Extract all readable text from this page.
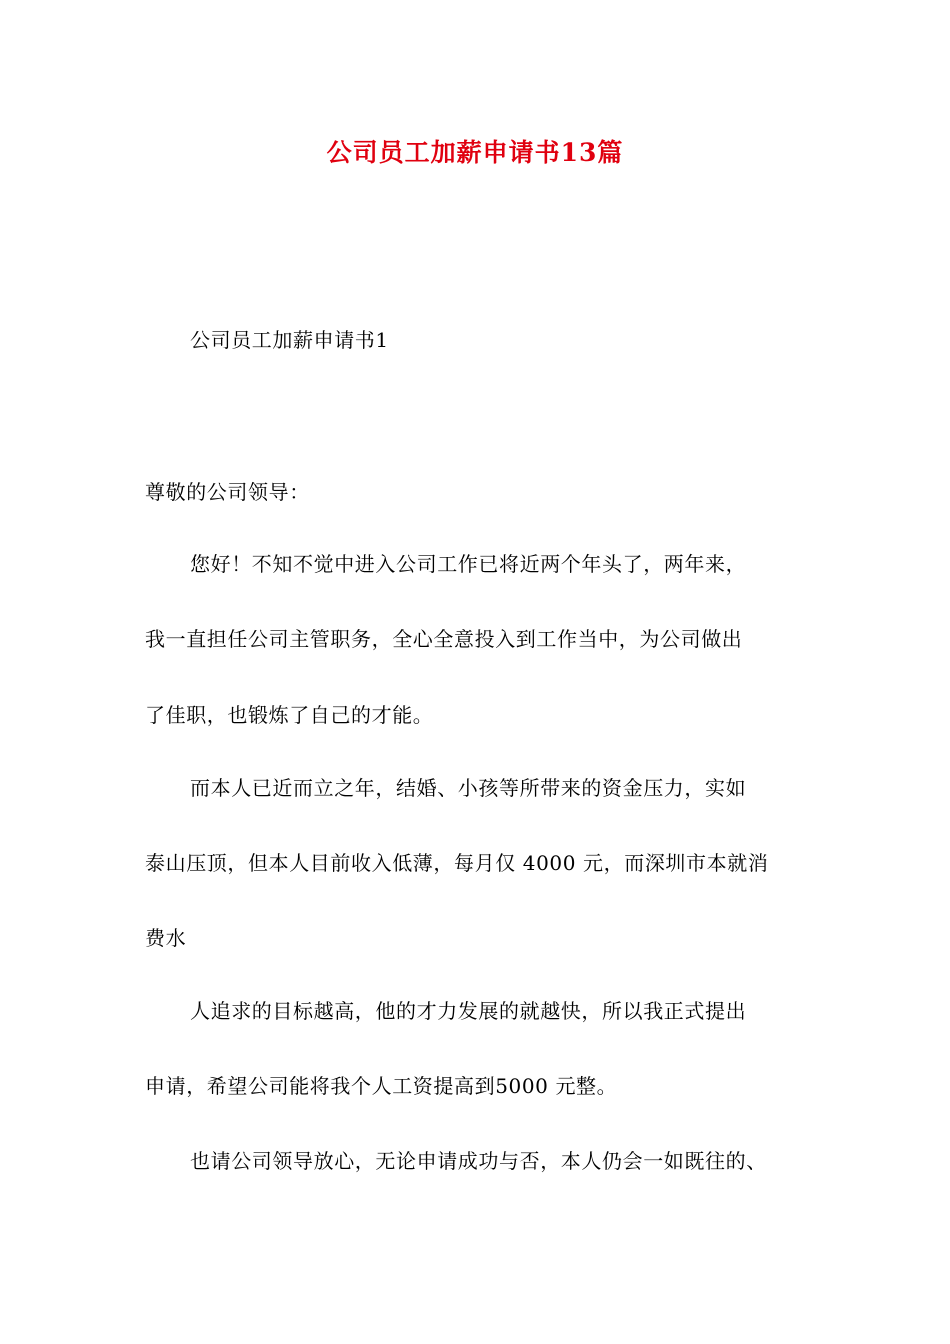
公司员工加薪申请书13篇
公司员工加薪申请书1
尊敬的公司领导：
您好！不知不觉中进入公司工作已将近两个年头了，两年来，
我一直担任公司主管职务，全心全意投入到工作当中，为公司做出
了佳职，也锻炼了自己的才能。
而本人已近而立之年，结婚、小孩等所带来的资金压力，实如
泰山压顶，但本人目前收入低薄，每月仅 4000 元，而深圳市本就消
费水
人追求的目标越高，他的才力发展的就越快，所以我正式提出
申请，希望公司能将我个人工资提高到5000 元整。
也请公司领导放心，无论申请成功与否，本人仍会一如既往的、
